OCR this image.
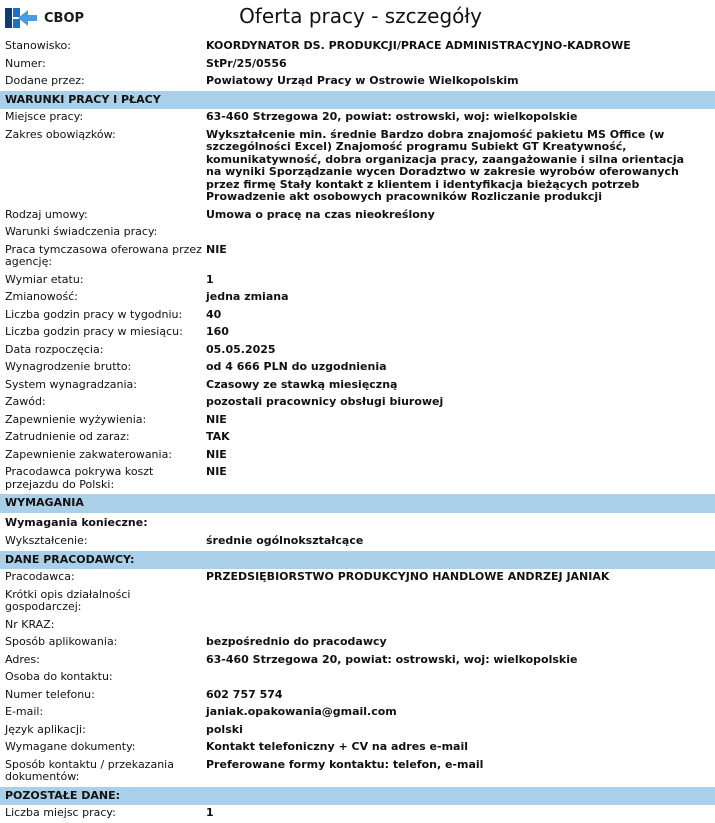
CBOP	Oferta pracy - szczegóły
Stanowisko:	KOORDYNATOR DS. PRODUKCJI/PRACE ADMINISTRACYJNO-KADROWE
Numer:	StPr/25/0556
Dodane przez:	Powiatowy Urząd Pracy w Ostrowie Wielkopolskim
WARUNKI PRACY I PŁACY	
Miejsce pracy:	63-460 Strzegowa 20, powiat: ostrowski, woj: wielkopolskie
Zakres obowiązków:	Wykształcenie min. średnie Bardzo dobra znajomość pakietu MS Office (w szczególności Excel) Znajomość programu Subiekt GT Kreatywność, komunikatywność, dobra organizacja pracy, zaangażowanie i silna orientacja na wyniki Sporządzanie wycen Doradztwo w zakresie wyrobów oferowanych przez firmę Stały kontakt z klientem i identyfikacja bieżących potrzeb Prowadzenie akt osobowych pracowników Rozliczanie produkcji
Rodzaj umowy:	Umowa o pracę na czas nieokreślony
Warunki świadczenia pracy:	
Praca tymczasowa oferowana przez agencję:	NIE
Wymiar etatu:	1
Zmianowość:	jedna zmiana
Liczba godzin pracy w tygodniu:	40
Liczba godzin pracy w miesiącu:	160
Data rozpoczęcia:	05.05.2025
Wynagrodzenie brutto:	od 4 666 PLN do uzgodnienia
System wynagradzania:	Czasowy ze stawką miesięczną
Zawód:	pozostali pracownicy obsługi biurowej
Zapewnienie wyżywienia:	NIE
Zatrudnienie od zaraz:	TAK
Zapewnienie zakwaterowania:	NIE
Pracodawca pokrywa koszt przejazdu do Polski:	NIE
WYMAGANIA	
Wymagania konieczne:	
Wykształcenie:	średnie ogólnokształcące
DANE PRACODAWCY:	
Pracodawca:	PRZEDSIĘBIORSTWO PRODUKCYJNO HANDLOWE ANDRZEJ JANIAK
Krótki opis działalności gospodarczej:	
Nr KRAZ:	
Sposób aplikowania:	bezpośrednio do pracodawcy
Adres:	63-460 Strzegowa 20, powiat: ostrowski, woj: wielkopolskie
Osoba do kontaktu:	
Numer telefonu:	602 757 574
E-mail:	janiak.opakowania@gmail.com
Język aplikacji:	polski
Wymagane dokumenty:	Kontakt telefoniczny + CV na adres e-mail
Sposób kontaktu / przekazania dokumentów:	Preferowane formy kontaktu: telefon, e-mail
POZOSTAŁE DANE:	
Liczba miejsc pracy:	1
